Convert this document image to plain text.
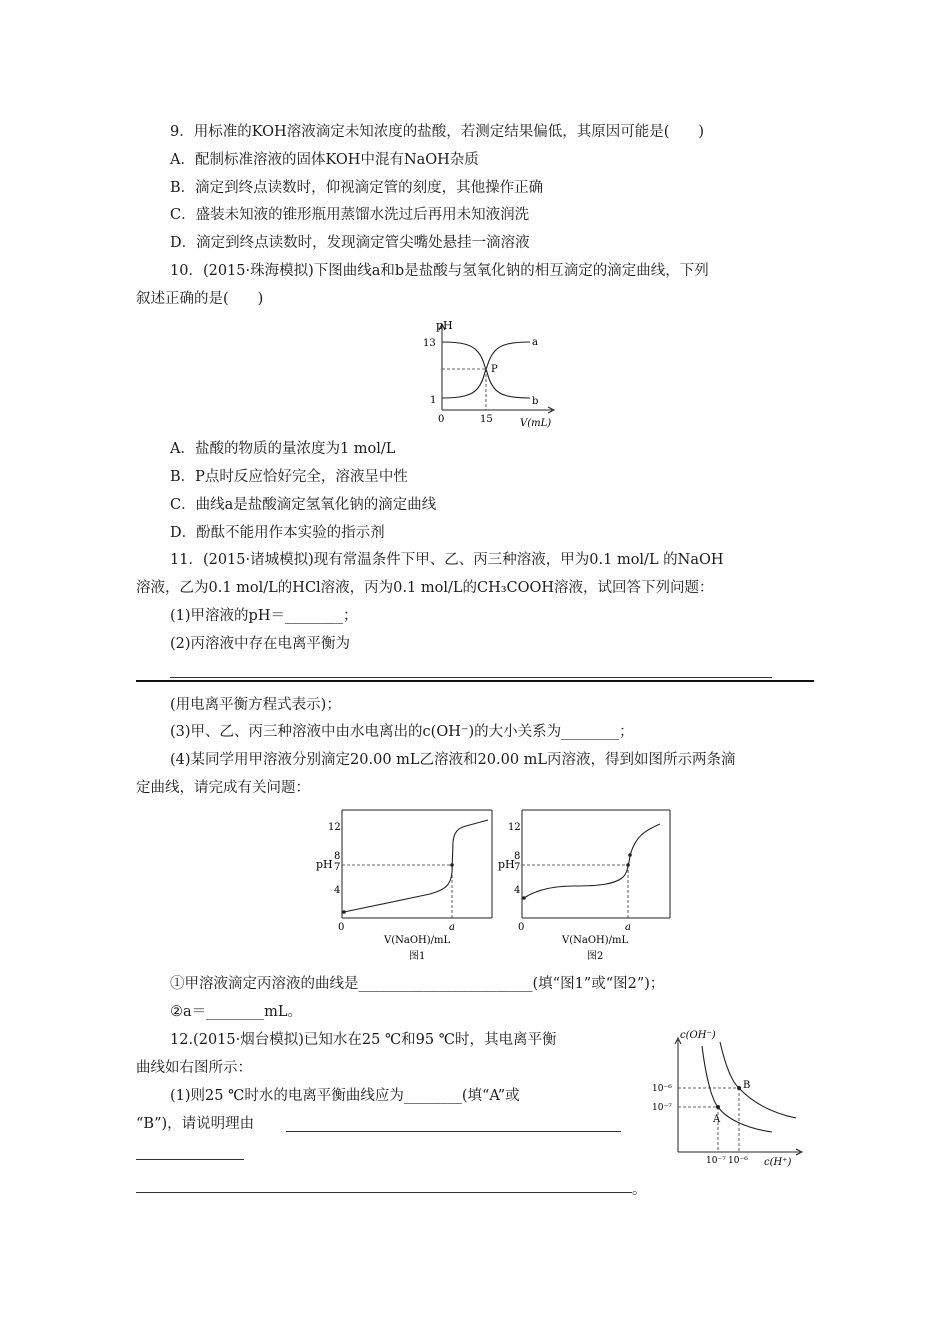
9．用标准的KOH溶液滴定未知浓度的盐酸，若测定结果偏低，其原因可能是(　　)
A．配制标准溶液的固体KOH中混有NaOH杂质
B．滴定到终点读数时，仰视滴定管的刻度，其他操作正确
C．盛装未知液的锥形瓶用蒸馏水洗过后再用未知液润洗
D．滴定到终点读数时，发现滴定管尖嘴处悬挂一滴溶液
10．(2015·珠海模拟)下图曲线a和b是盐酸与氢氧化钠的相互滴定的滴定曲线，下列
叙述正确的是(　　)
pH
13
1
0	15	V(mL)
a
b
P
A．盐酸的物质的量浓度为1 mol/L
B．P点时反应恰好完全，溶液呈中性
C．曲线a是盐酸滴定氢氧化钠的滴定曲线
D．酚酞不能用作本实验的指示剂
11．(2015·诸城模拟)现有常温条件下甲、乙、丙三种溶液，甲为0.1 mol/L 的NaOH
溶液，乙为0.1 mol/L的HCl溶液，丙为0.1 mol/L的CH₃COOH溶液，试回答下列问题：
(1)甲溶液的pH＝________；
(2)丙溶液中存在电离平衡为
(用电离平衡方程式表示)；
(3)甲、乙、丙三种溶液中由水电离出的c(OH⁻)的大小关系为________；
(4)某同学用甲溶液分别滴定20.00 mL乙溶液和20.00 mL丙溶液，得到如图所示两条滴
定曲线，请完成有关问题：
12
8
7
4
pH
0	a
V(NaOH)/mL
图1
12
8
7
4
pH
0	a
V(NaOH)/mL
图2
①甲溶液滴定丙溶液的曲线是________________________(填“图1”或“图2”)；
②a＝________mL。
12.(2015·烟台模拟)已知水在25 ℃和95 ℃时，其电离平衡
曲线如右图所示：
(1)则25 ℃时水的电离平衡曲线应为________(填“A”或
“B”)，请说明理由
。
c(OH⁻)
10⁻⁶
10⁻⁷
10⁻⁷ 10⁻⁶ c(H⁺)
A
B
